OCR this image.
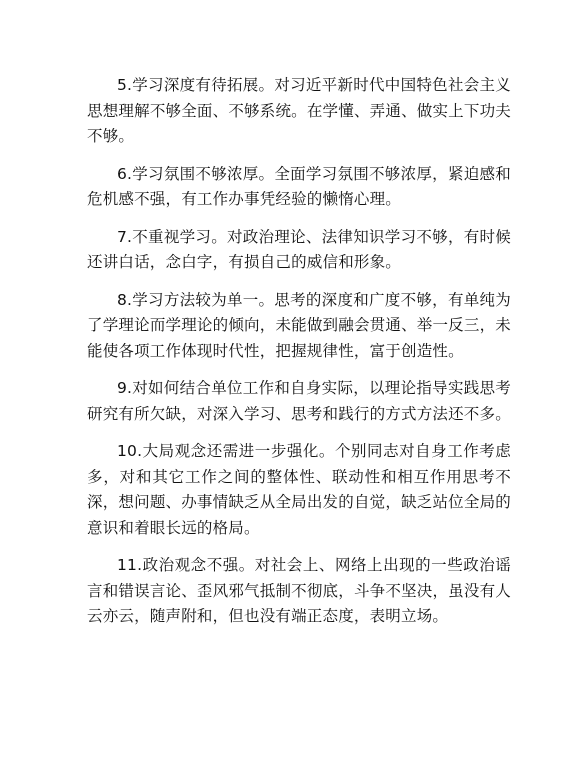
5.学习深度有待拓展。对习近平新时代中国特色社会主义思想理解不够全面、不够系统。在学懂、弄通、做实上下功夫不够。

6.学习氛围不够浓厚。全面学习氛围不够浓厚，紧迫感和危机感不强，有工作办事凭经验的懒惰心理。

7.不重视学习。对政治理论、法律知识学习不够，有时候还讲白话，念白字，有损自己的威信和形象。

8.学习方法较为单一。思考的深度和广度不够，有单纯为了学理论而学理论的倾向，未能做到融会贯通、举一反三，未能使各项工作体现时代性，把握规律性，富于创造性。

9.对如何结合单位工作和自身实际，以理论指导实践思考研究有所欠缺，对深入学习、思考和践行的方式方法还不多。

10.大局观念还需进一步强化。个别同志对自身工作考虑多，对和其它工作之间的整体性、联动性和相互作用思考不深，想问题、办事情缺乏从全局出发的自觉，缺乏站位全局的意识和着眼长远的格局。

11.政治观念不强。对社会上、网络上出现的一些政治谣言和错误言论、歪风邪气抵制不彻底，斗争不坚决，虽没有人云亦云，随声附和，但也没有端正态度，表明立场。
